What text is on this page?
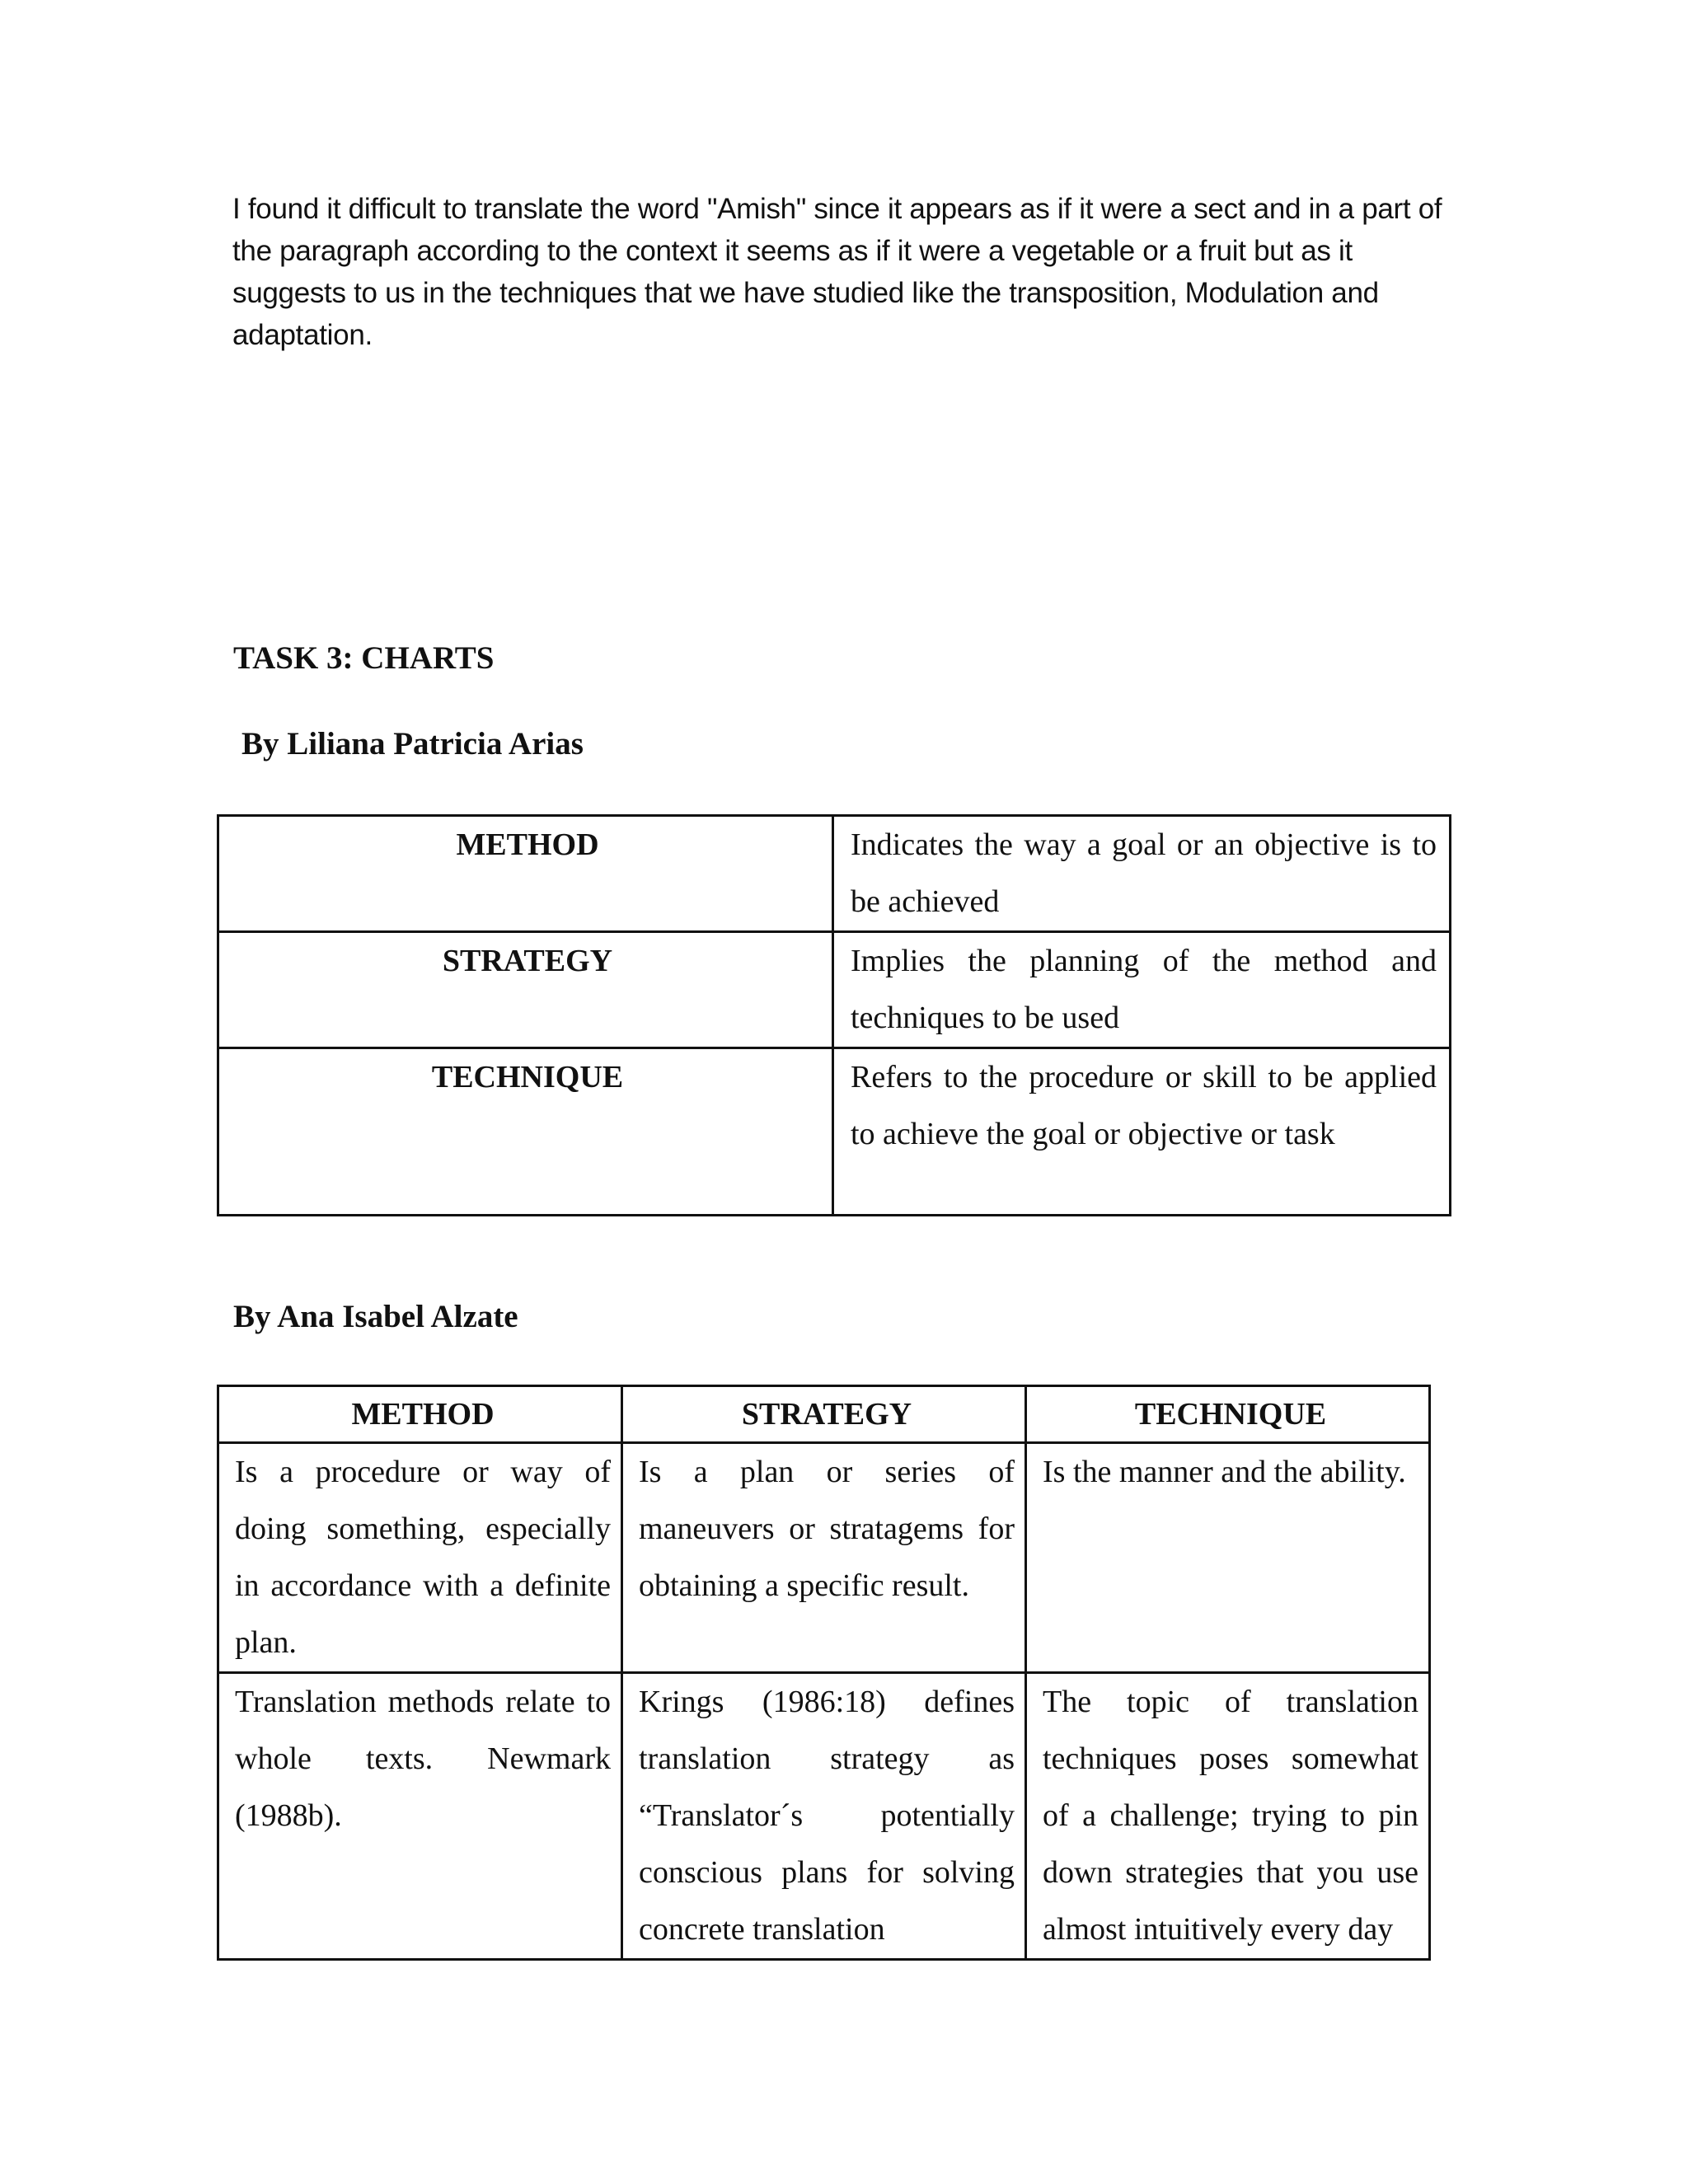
I found it difficult to translate the word "Amish" since it appears as if it were a sect and in a part of the paragraph according to the context it seems as if it were a vegetable or a fruit but as it suggests to us in the techniques that we have studied like the transposition, Modulation and adaptation.

TASK 3: CHARTS
By Liliana Patricia Arias
METHOD	Indicates the way a goal or an objective is to be achieved
STRATEGY	Implies the planning of the method and techniques to be used
TECHNIQUE	Refers to the procedure or skill to be applied to achieve the goal or objective or task
By Ana Isabel Alzate
METHOD	STRATEGY	TECHNIQUE
Is a procedure or way of doing something, especially in accordance with a definite plan.	Is a plan or series of maneuvers or stratagems for obtaining a specific result.	Is the manner and the ability.
Translation methods relate to whole texts. Newmark (1988b).	Krings (1986:18) defines translation strategy as “Translator´s potentially conscious plans for solving concrete translation	The topic of translation techniques poses somewhat of a challenge; trying to pin down strategies that you use almost intuitively every day
